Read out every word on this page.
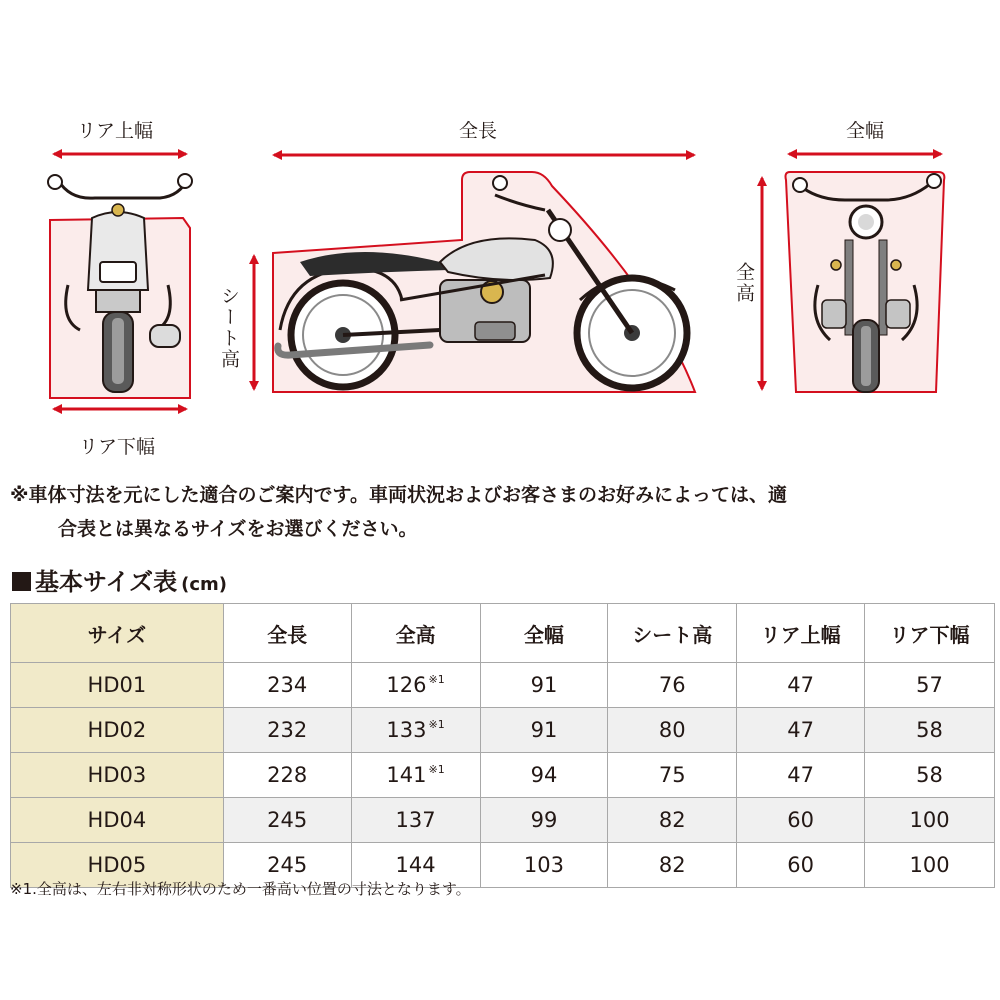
リア上幅
リア下幅
全長	全幅
シート高
全高
※車体寸法を元にした適合のご案内です。車両状況およびお客さまのお好みによっては、適
合表とは異なるサイズをお選びください。
基本サイズ表 (cm)
サイズ	全長	全高	全幅	シート高	リア上幅	リア下幅
HD01	234	126 $^{※1}$	91	76	47	57
HD02	232	133 $^{※1}$	91	80	47	58
HD03	228	141 $^{※1}$	94	75	47	58
HD04	245	137	99	82	60	100
HD05	245	144	103	82	60	100
※1.全高は、左右非対称形状のため一番高い位置の寸法となります。
